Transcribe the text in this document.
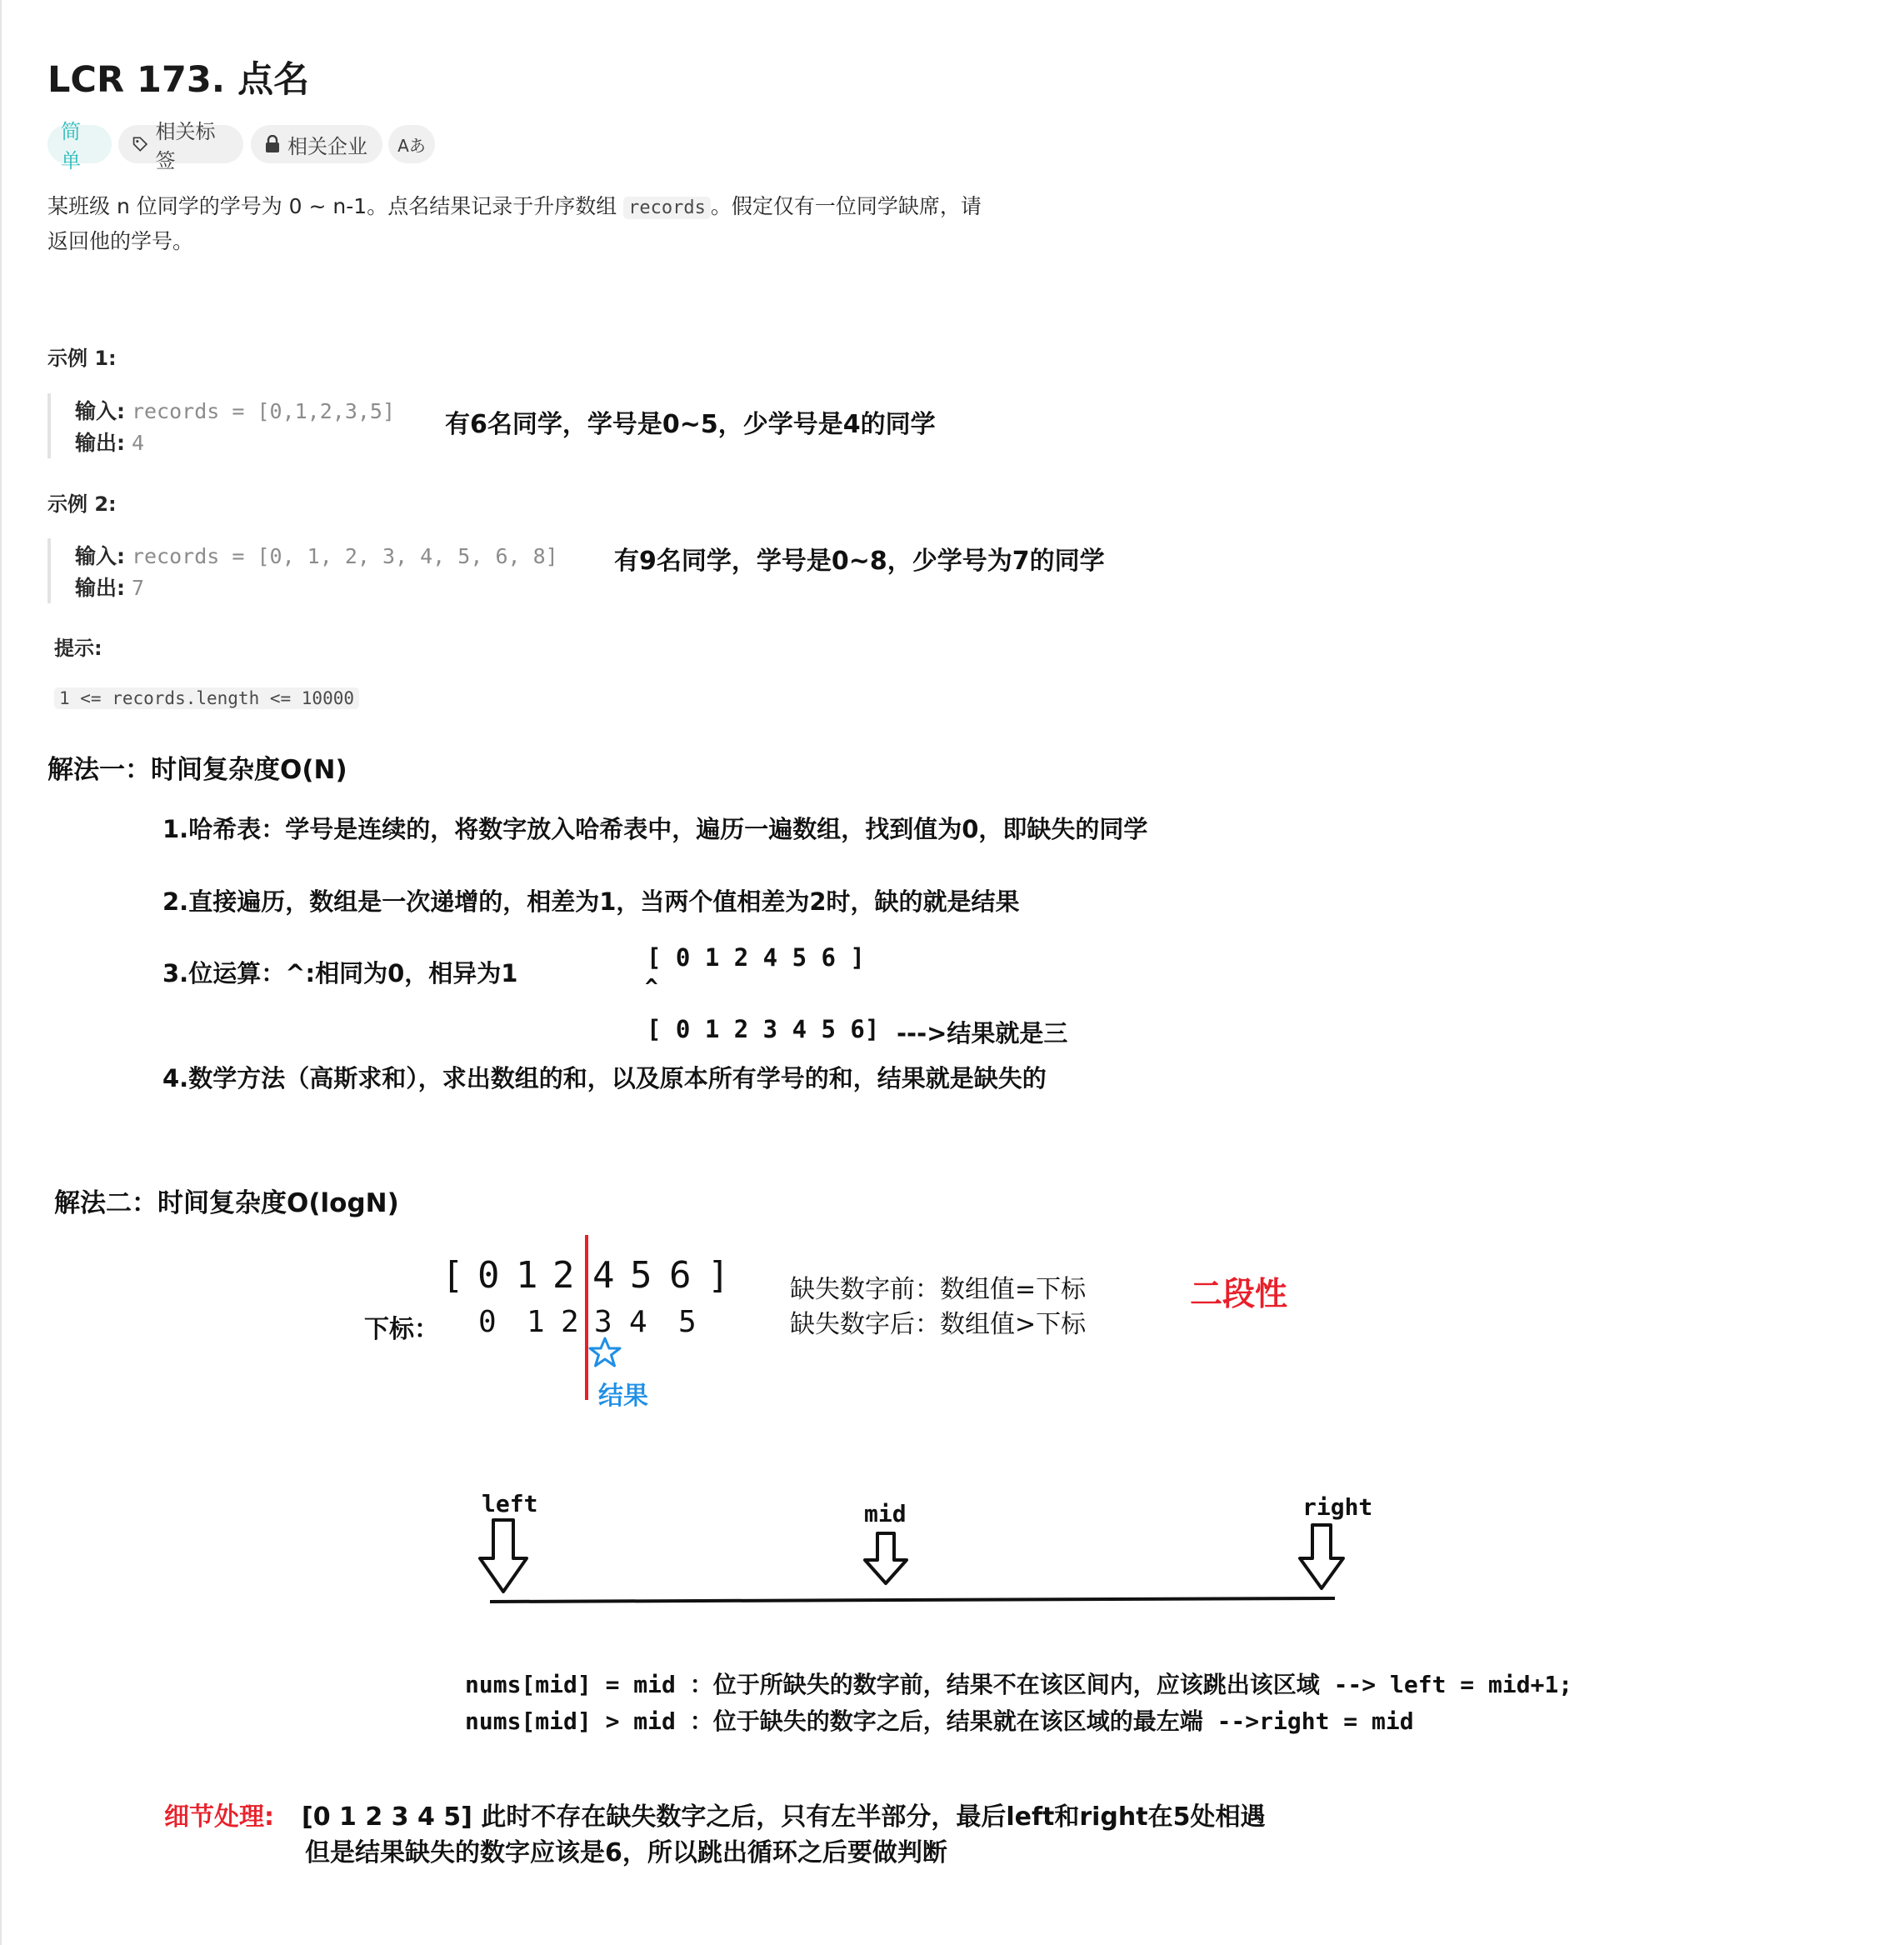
LCR 173. 点名
简单
相关标签
相关企业 Aあ
某班级 n 位同学的学号为 0 ~ n-1。点名结果记录于升序数组 records 。假定仅有一位同学缺席，请
返回他的学号。
示例 1:
输入: records = [0,1,2,3,5]
输出: 4
有6名同学，学号是0~5，少学号是4的同学
示例 2:
输入: records = [0, 1, 2, 3, 4, 5, 6, 8]
输出: 7
有9名同学，学号是0~8，少学号为7的同学
提示:
1 <= records.length <= 10000
解法一：时间复杂度O(N)
1.哈希表：学号是连续的，将数字放入哈希表中，遍历一遍数组，找到值为0，即缺失的同学
2.直接遍历，数组是一次递增的，相差为1，当两个值相差为2时，缺的就是结果
3.位运算：^:相同为0，相异为1
[ 0 1 2 4 5 6 ]
^
[ 0 1 2 3 4 5 6] --->结果就是三
4.数学方法（高斯求和），求出数组的和，以及原本所有学号的和，结果就是缺失的
解法二：时间复杂度O(logN)
[ 0 1 2 4 5 6 ]
下标： 0 1 2 3 4 5
结果
缺失数字前：数组值=下标
缺失数字后：数组值>下标
二段性
left	mid	right
nums[mid] = mid ：位于所缺失的数字前，结果不在该区间内，应该跳出该区域 --> left = mid+1;
nums[mid] > mid ：位于缺失的数字之后，结果就在该区域的最左端 -->right = mid
细节处理: [0 1 2 3 4 5] 此时不存在缺失数字之后，只有左半部分，最后left和right在5处相遇
但是结果缺失的数字应该是6，所以跳出循环之后要做判断
